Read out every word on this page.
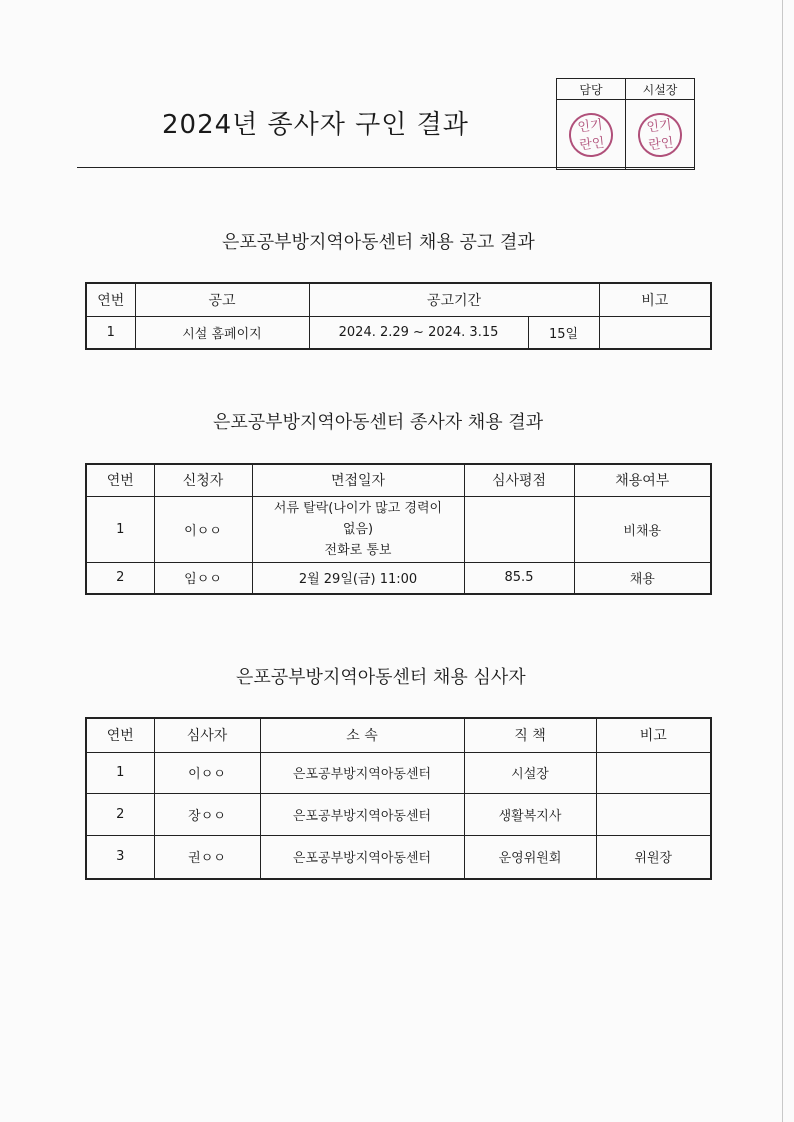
2024년 종사자 구인 결과
담당	시설장

인기
란인	인기
란인
은포공부방지역아동센터 채용 공고 결과
연번	공고	공고기간		비고
1	시설 홈페이지	2024. 2.29 ~ 2024. 3.15	15일	
은포공부방지역아동센터 종사자 채용 결과
연번	신청자	면접일자	심사평점	채용여부
1	이ㅇㅇ	서류 탈락(나이가 많고 경력이
없음)
전화로 통보		비채용
2	임ㅇㅇ	2월 29일(금) 11:00	85.5	채용
은포공부방지역아동센터 채용 심사자
연번	심사자	소 속	직 책	비고
1	이ㅇㅇ	은포공부방지역아동센터	시설장	
2	장ㅇㅇ	은포공부방지역아동센터	생활복지사	
3	권ㅇㅇ	은포공부방지역아동센터	운영위원회	위원장
